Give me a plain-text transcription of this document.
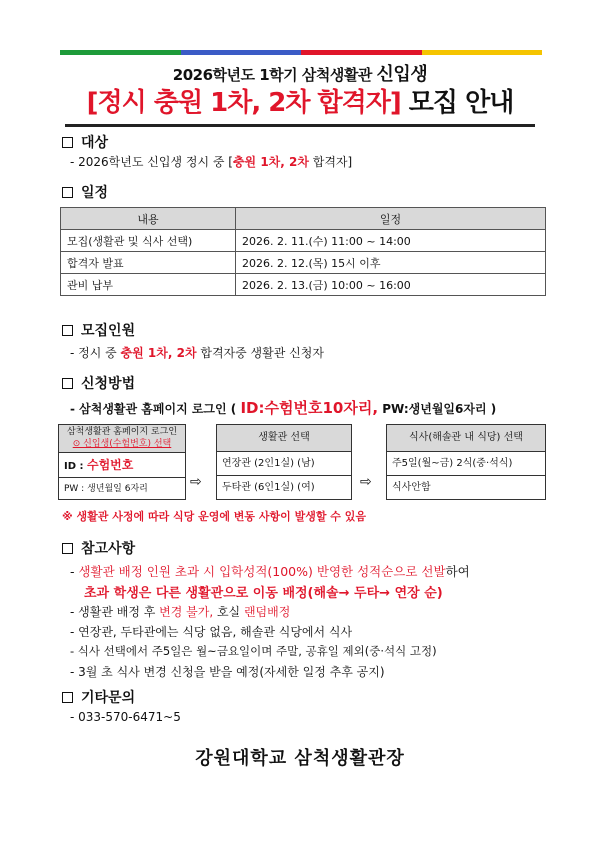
2026학년도 1학기 삼척생활관 신입생
[정시 충원 1차, 2차 합격자] 모집 안내
대상
- 2026학년도 신입생 정시 중 [충원 1차, 2차 합격자]
일정
내용	일정
모집(생활관 및 식사 선택)	2026. 2. 11.(수) 11:00 ~ 14:00
합격자 발표	2026. 2. 12.(목) 15시 이후
관비 납부	2026. 2. 13.(금) 10:00 ~ 16:00
모집인원
- 정시 중 충원 1차, 2차 합격자중 생활관 신청자
신청방법
- 삼척생활관 홈페이지 로그인 ( ID:수험번호10자리, PW:생년월일6자리 )
삼척생활관 홈페이지 로그인
⊙ 신입생(수험번호) 선택
ID : 수험번호
PW : 생년월일 6자리	⇨
생활관 선택
연장관 (2인1실) (남)
두타관 (6인1실) (여)	⇨
식사(해솔관 내 식당) 선택
주5일(월~금) 2식(중·석식)
식사안함
※ 생활관 사정에 따라 식당 운영에 변동 사항이 발생할 수 있음
참고사항
- 생활관 배정 인원 초과 시 입학성적(100%) 반영한 성적순으로 선발하여
초과 학생은 다른 생활관으로 이동 배정(해솔→ 두타→ 연장 순)
- 생활관 배정 후 변경 불가, 호실 랜덤배정
- 연장관, 두타관에는 식당 없음, 해솔관 식당에서 식사
- 식사 선택에서 주5일은 월~금요일이며 주말, 공휴일 제외(중·석식 고정)
- 3월 초 식사 변경 신청을 받을 예정(자세한 일정 추후 공지)
기타문의
- 033-570-6471~5
강원대학교 삼척생활관장
